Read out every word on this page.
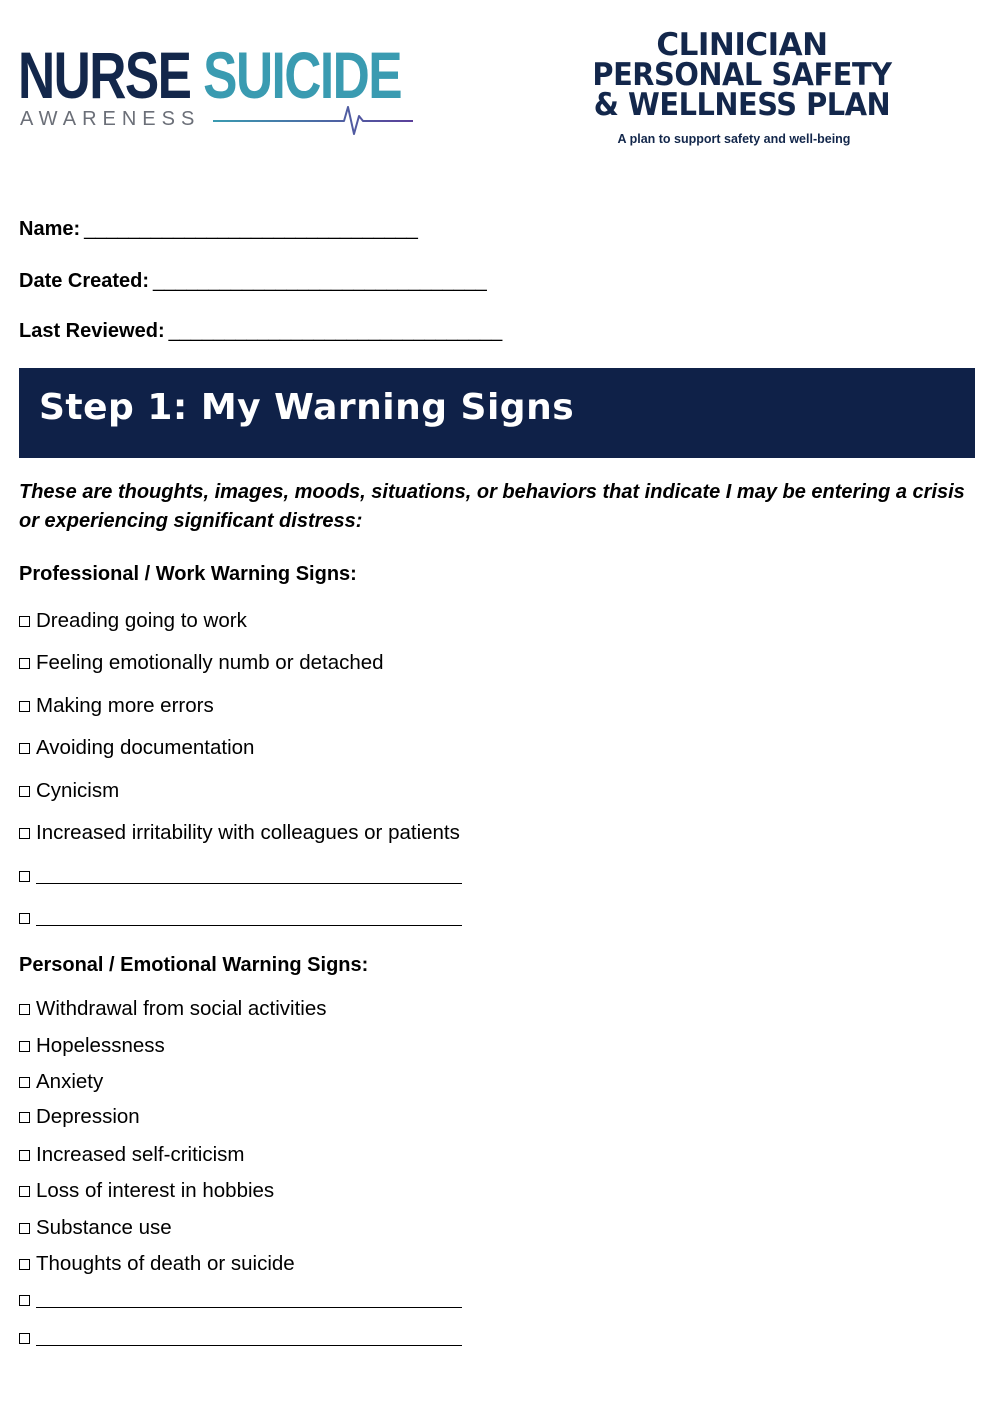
NURSE SUICIDE
AWARENESS
CLINICIAN
PERSONAL SAFETY
& WELLNESS PLAN
A plan to support safety and well-being
Name: ______________________________
Date Created: ______________________________
Last Reviewed: ______________________________
Step 1: My Warning Signs
These are thoughts, images, moods, situations, or behaviors that indicate I may be entering a crisis or experiencing significant distress:
Professional / Work Warning Signs:
Dreading going to work
Feeling emotionally numb or detached
Making more errors
Avoiding documentation
Cynicism
Increased irritability with colleagues or patients
Personal / Emotional Warning Signs:
Withdrawal from social activities
Hopelessness
Anxiety
Depression
Increased self-criticism
Loss of interest in hobbies
Substance use
Thoughts of death or suicide
